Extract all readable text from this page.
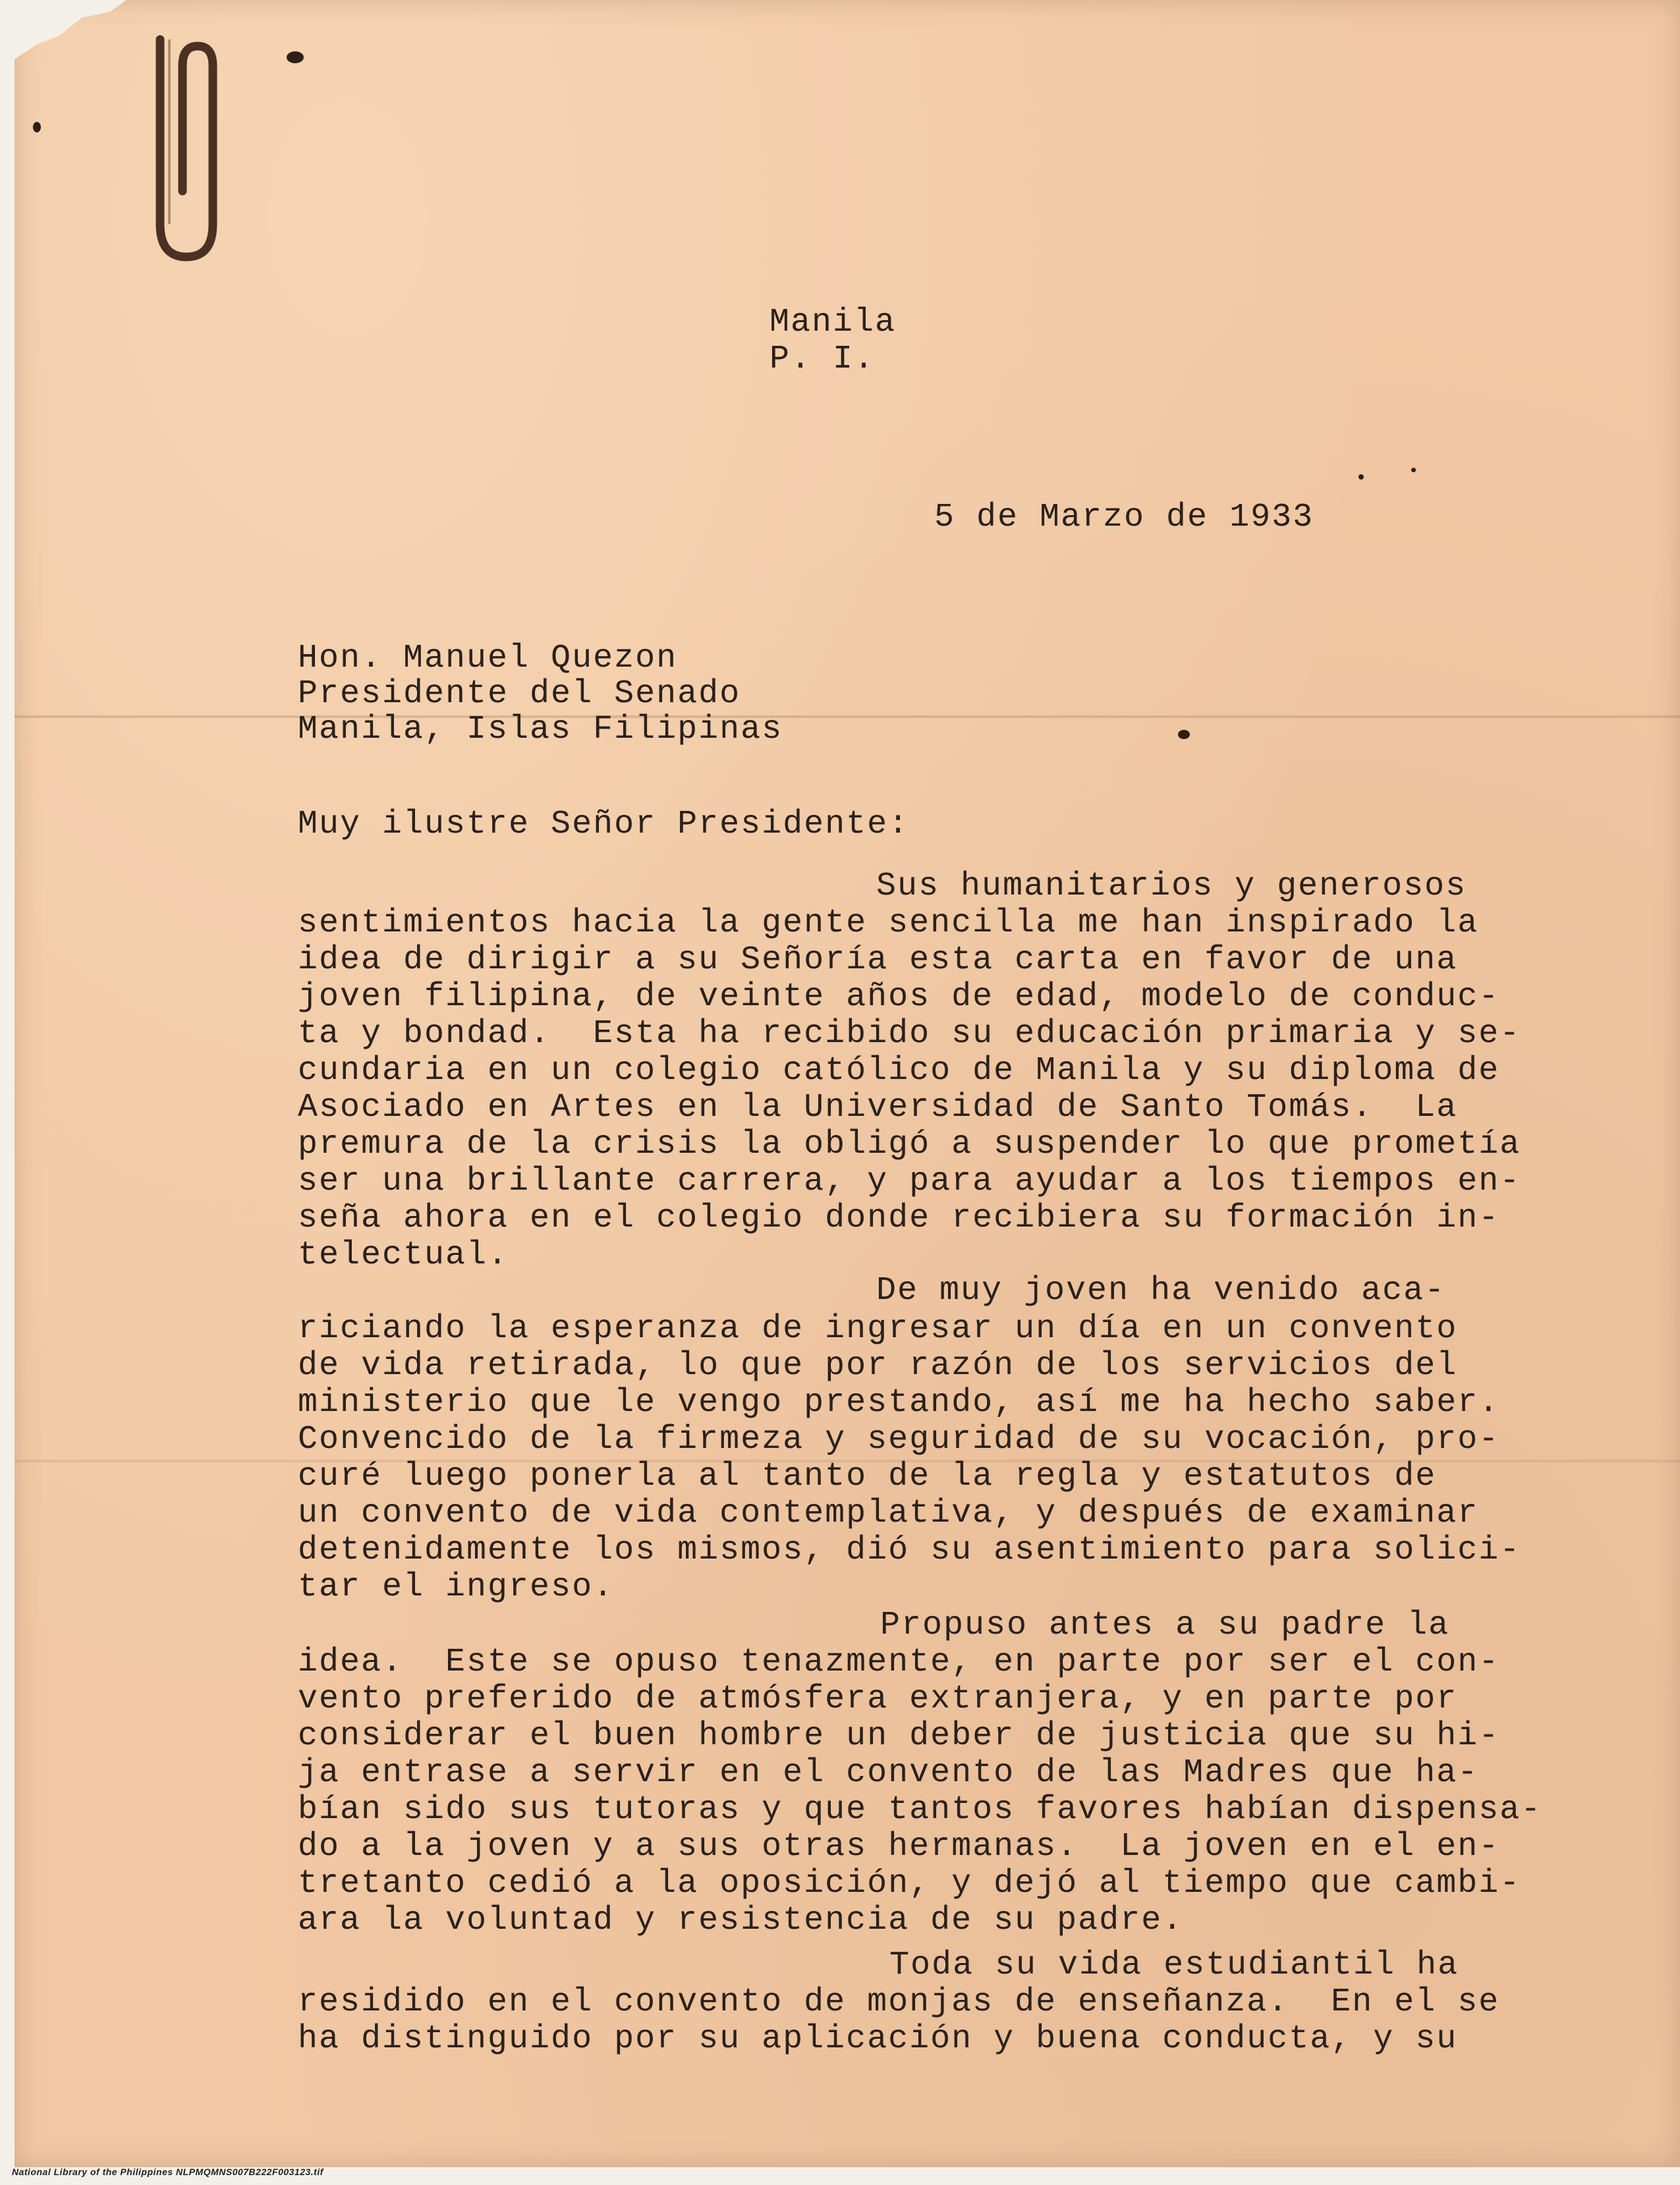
Manila

P. I.

5 de Marzo de 1933

Hon. Manuel Quezon

Presidente del Senado

Manila, Islas Filipinas

Muy ilustre Señor Presidente:

Sus humanitarios y generosos

sentimientos hacia la gente sencilla me han inspirado la

idea de dirigir a su Señoría esta carta en favor de una

joven filipina, de veinte años de edad, modelo de conduc-

ta y bondad.  Esta ha recibido su educación primaria y se-

cundaria en un colegio católico de Manila y su diploma de

Asociado en Artes en la Universidad de Santo Tomás.  La

premura de la crisis la obligó a suspender lo que prometía

ser una brillante carrera, y para ayudar a los tiempos en-

seña ahora en el colegio donde recibiera su formación in-

telectual.

De muy joven ha venido aca-

riciando la esperanza de ingresar un día en un convento

de vida retirada, lo que por razón de los servicios del

ministerio que le vengo prestando, así me ha hecho saber.

Convencido de la firmeza y seguridad de su vocación, pro-

curé luego ponerla al tanto de la regla y estatutos de

un convento de vida contemplativa, y después de examinar

detenidamente los mismos, dió su asentimiento para solici-

tar el ingreso.

Propuso antes a su padre la

idea.  Este se opuso tenazmente, en parte por ser el con-

vento preferido de atmósfera extranjera, y en parte por

considerar el buen hombre un deber de justicia que su hi-

ja entrase a servir en el convento de las Madres que ha-

bían sido sus tutoras y que tantos favores habían dispensa-

do a la joven y a sus otras hermanas.  La joven en el en-

tretanto cedió a la oposición, y dejó al tiempo que cambi-

ara la voluntad y resistencia de su padre.

Toda su vida estudiantil ha

residido en el convento de monjas de enseñanza.  En el se

ha distinguido por su aplicación y buena conducta, y su

National Library of the Philippines NLPMQMNS007B222F003123.tif
